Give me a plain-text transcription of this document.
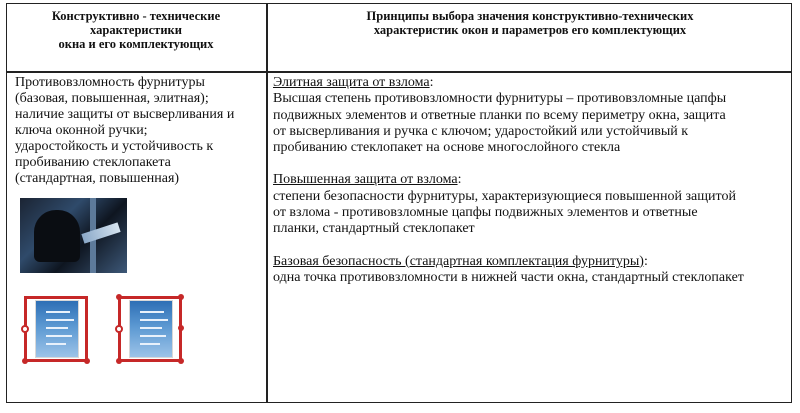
Конструктивно - технические
характеристики
окна и его комплектующих
Принципы выбора значения конструктивно-технических
характеристик окон и параметров его комплектующих
Противовзломность фурнитуры
(базовая, повышенная, элитная);
наличие защиты от высверливания и
ключа оконной ручки;
ударостойкость и устойчивость к
пробиванию стеклопакета
(стандартная, повышенная)
Элитная защита от взлома:
Высшая степень противовзломности фурнитуры – противовзломные цапфы
подвижных элементов и ответные планки по всему периметру окна, защита
от высверливания и ручка с ключом; ударостойкий или устойчивый к
пробиванию стеклопакет на основе многослойного стекла
Повышенная защита от взлома:
степени безопасности фурнитуры, характеризующиеся повышенной защитой
от взлома - противовзломные цапфы подвижных элементов и ответные
планки, стандартный стеклопакет
Базовая безопасность (стандартная комплектация фурнитуры):
одна точка противовзломности в нижней части окна, стандартный стеклопакет
